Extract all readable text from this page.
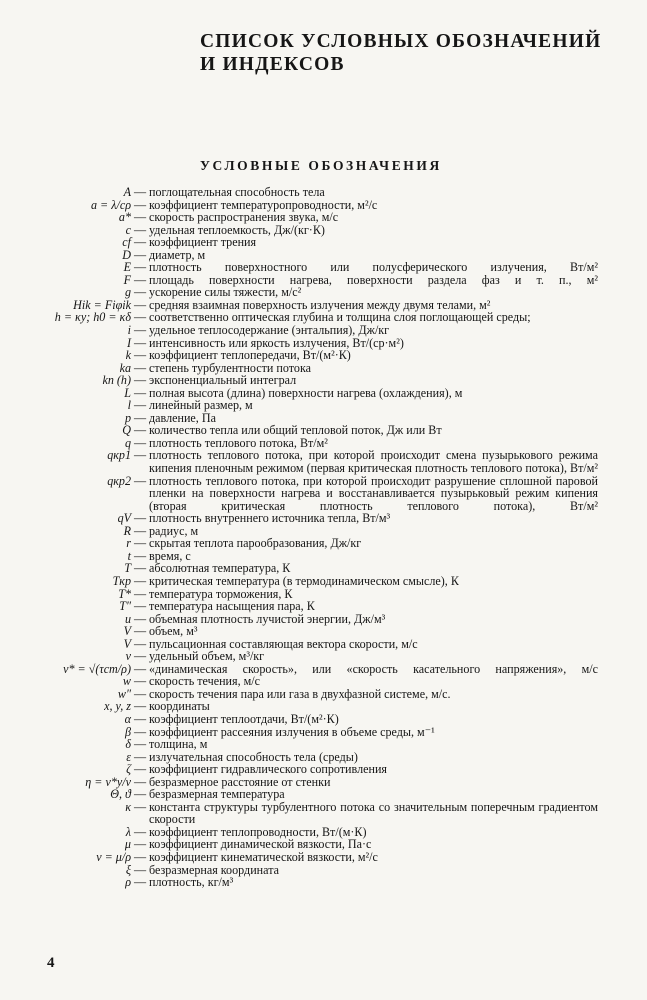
СПИСОК УСЛОВНЫХ ОБОЗНАЧЕНИЙ И ИНДЕКСОВ
УСЛОВНЫЕ ОБОЗНАЧЕНИЯ
A — поглощательная способность тела
a = λ/cρ — коэффициент температуропроводности, м²/с
a* — скорость распространения звука, м/с
c — удельная теплоемкость, Дж/(кг·К)
cf — коэффициент трения
D — диаметр, м
E — плотность поверхностного или полусферического излучения, Вт/м²
F — площадь поверхности нагрева, поверхности раздела фаз и т. п., м²
g — ускорение силы тяжести, м/с²
Hik = Fiφik — средняя взаимная поверхность излучения между двумя телами, м²
h = κy; h0 = κδ — соответственно оптическая глубина и толщина слоя поглощающей среды;
i — удельное теплосодержание (энтальпия), Дж/кг
I — интенсивность или яркость излучения, Вт/(ср·м²)
k — коэффициент теплопередачи, Вт/(м²·К)
ka — степень турбулентности потока
kn (h) — экспоненциальный интеграл
L — полная высота (длина) поверхности нагрева (охлаждения), м
l — линейный размер, м
p — давление, Па
Q — количество тепла или общий тепловой поток, Дж или Вт
q — плотность теплового потока, Вт/м²
qкр1 — плотность теплового потока, при которой происходит смена пузырькового режима кипения пленочным режимом (первая критическая плотность теплового потока), Вт/м²
qкр2 — плотность теплового потока, при которой происходит разрушение сплошной паровой пленки на поверхности нагрева и восстанавливается пузырьковый режим кипения (вторая критическая плотность теплового потока), Вт/м²
qV — плотность внутреннего источника тепла, Вт/м³
R — радиус, м
r — скрытая теплота парообразования, Дж/кг
t — время, с
T — абсолютная температура, К
Tкр — критическая температура (в термодинамическом смысле), К
T* — температура торможения, К
T″ — температура насыщения пара, К
u — объемная плотность лучистой энергии, Дж/м³
V — объем, м³
V — пульсационная составляющая вектора скорости, м/с
v — удельный объем, м³/кг
v* = √(τст/ρ) — «динамическая скорость», или «скорость касательного напряжения», м/с
w — скорость течения, м/с
w″ — скорость течения пара или газа в двухфазной системе, м/с.
x, y, z — координаты
α — коэффициент теплоотдачи, Вт/(м²·К)
β — коэффициент рассеяния излучения в объеме среды, м⁻¹
δ — толщина, м
ε — излучательная способность тела (среды)
ζ — коэффициент гидравлического сопротивления
η = v*y/ν — безразмерное расстояние от стенки
Θ, ϑ — безразмерная температура
κ — константа структуры турбулентного потока со значительным поперечным градиентом скорости
λ — коэффициент теплопроводности, Вт/(м·К)
μ — коэффициент динамической вязкости, Па·с
ν = μ/ρ — коэффициент кинематической вязкости, м²/с
ξ — безразмерная координата
ρ — плотность, кг/м³
4
